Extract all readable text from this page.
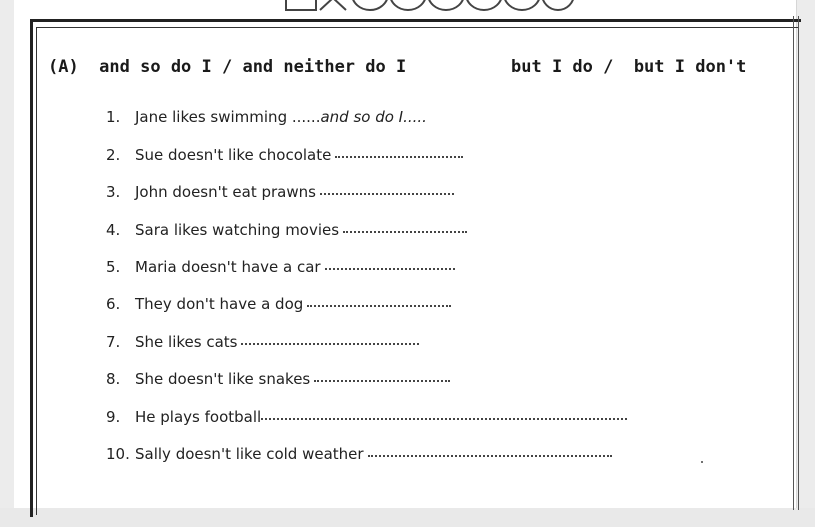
(A)  and so do I / and neither do I	but I do /  but I don't
1. Jane likes swimming ...... and so do I.....
2. Sue doesn't like chocolate
3. John doesn't eat prawns
4. Sara likes watching movies
5. Maria doesn't have a car
6. They don't have a dog
7. She likes cats
8. She doesn't like snakes
9. He plays football
10. Sally doesn't like cold weather
